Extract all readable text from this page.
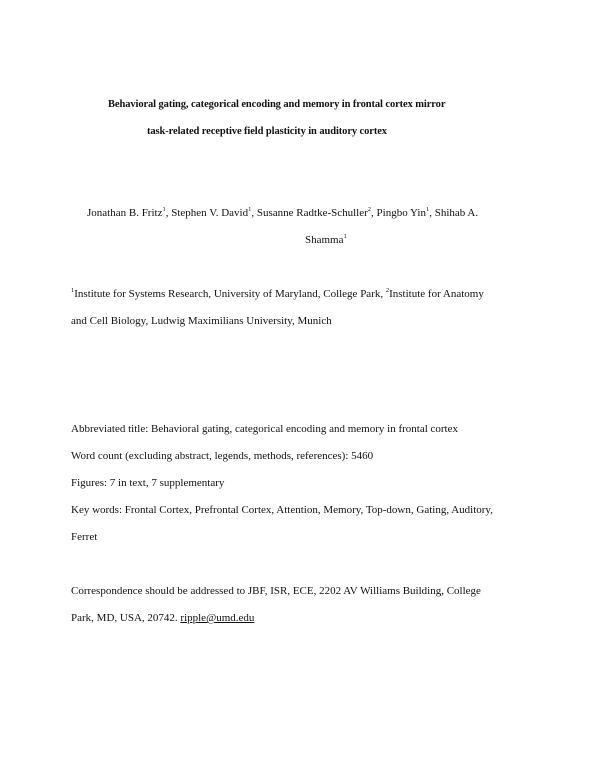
Behavioral gating, categorical encoding and memory in frontal cortex mirror
task-related receptive field plasticity in auditory cortex
Jonathan B. Fritz$^1$, Stephen V. David$^1$, Susanne Radtke-Schuller$^2$, Pingbo Yin$^1$, Shihab A.
$^1$Institute for Systems Research, University of Maryland, College Park, $^2$Institute for Anatomy
and Cell Biology, Ludwig Maximilians University, Munich
Abbreviated title: Behavioral gating, categorical encoding and memory in frontal cortex
Word count (excluding abstract, legends, methods, references): 5460
Figures: 7 in text, 7 supplementary
Key words: Frontal Cortex, Prefrontal Cortex, Attention, Memory, Top-down, Gating, Auditory,
Ferret
Correspondence should be addressed to JBF, ISR, ECE, 2202 AV Williams Building, College
Park, MD, USA, 20742. ripple@umd.edu
Shamma$^1$
